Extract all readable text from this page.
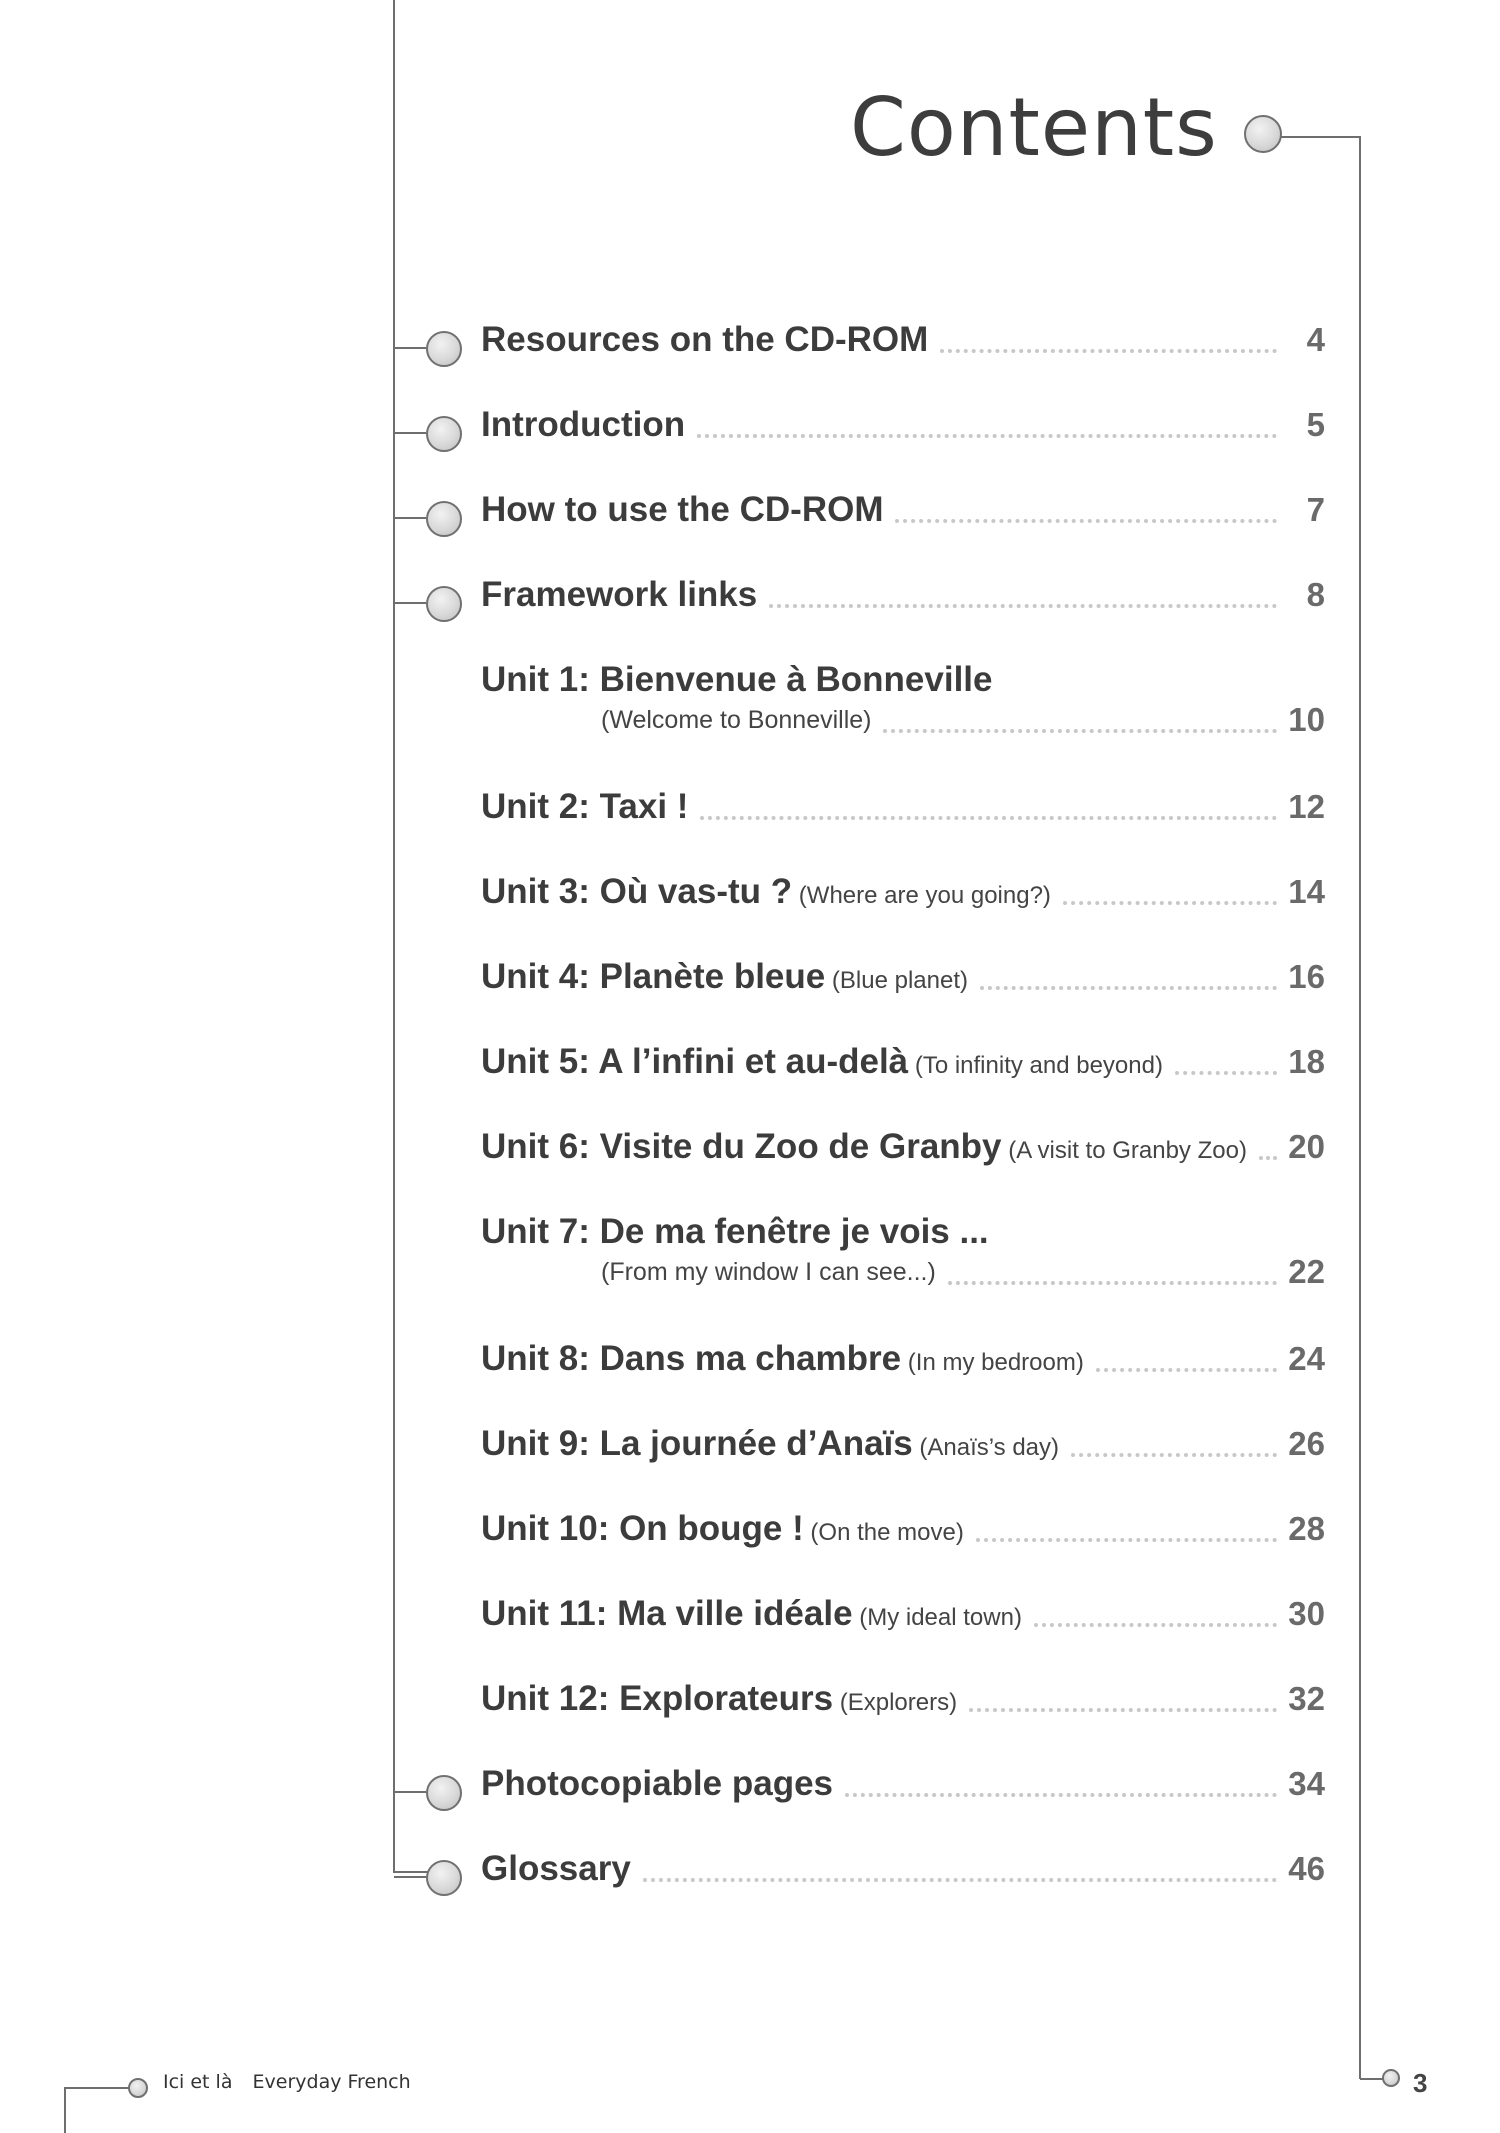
Contents
Resources on the CD-ROM	4
Introduction	5
How to use the CD-ROM	7
Framework links	8
Unit 1: Bienvenue à Bonneville
(Welcome to Bonneville)	10
Unit 2: Taxi !	12
Unit 3: Où vas-tu ? (Where are you going?)	14
Unit 4: Planète bleue (Blue planet)	16
Unit 5: A l’infini et au-delà (To infinity and beyond)	18
Unit 6: Visite du Zoo de Granby (A visit to Granby Zoo)	20
Unit 7: De ma fenêtre je vois ...
(From my window I can see...)	22
Unit 8: Dans ma chambre (In my bedroom)	24
Unit 9: La journée d’Anaïs (Anaïs’s day)	26
Unit 10: On bouge ! (On the move)	28
Unit 11: Ma ville idéale (My ideal town)	30
Unit 12: Explorateurs (Explorers)	32
Photocopiable pages	34
Glossary	46
Ici et là Everyday French	3
